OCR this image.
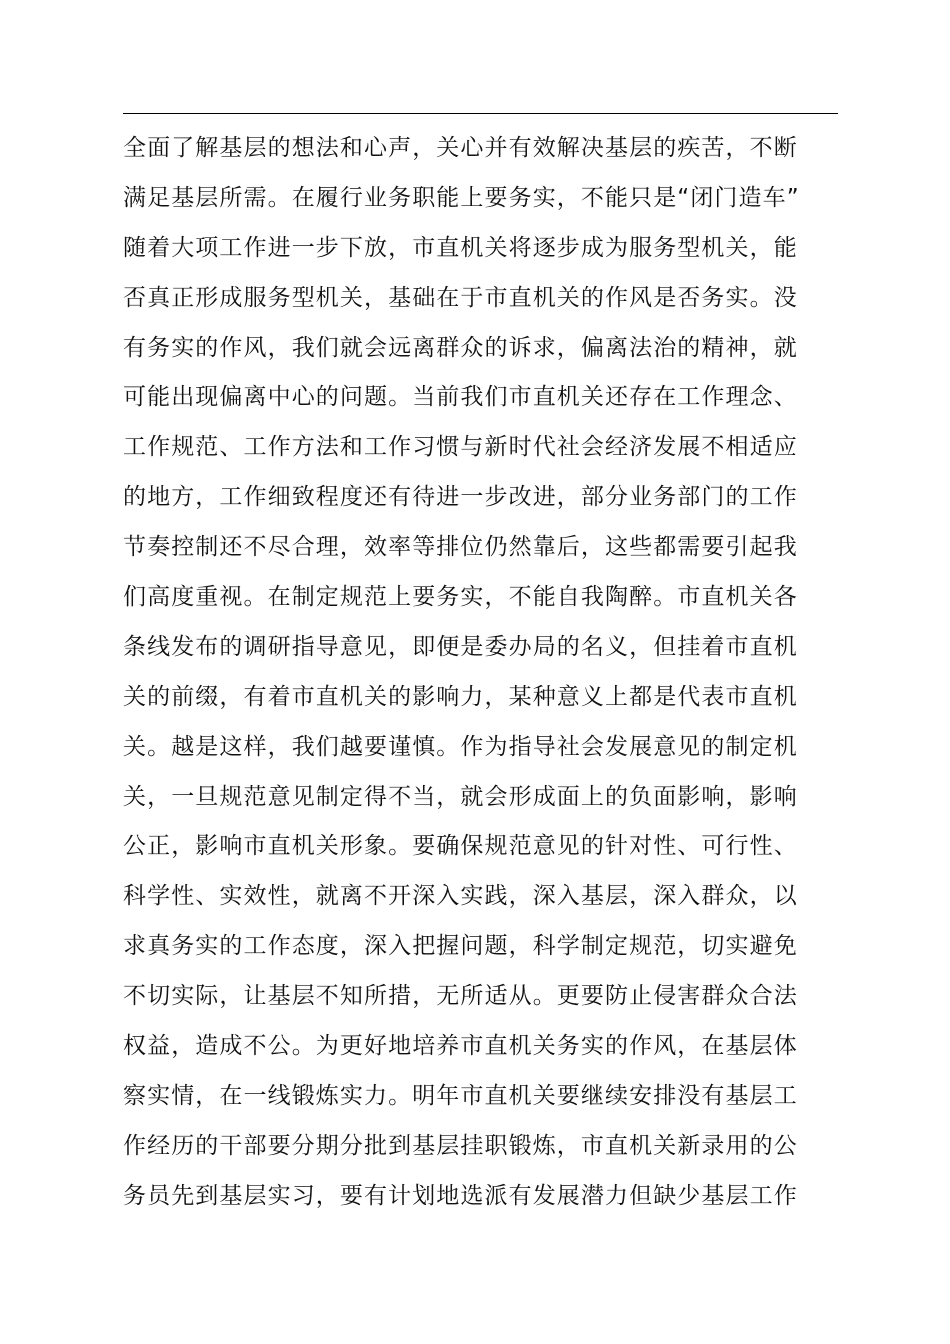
全面了解基层的想法和心声，关心并有效解决基层的疾苦，不断
满足基层所需。在履行业务职能上要务实，不能只是“闭门造车”
随着大项工作进一步下放，市直机关将逐步成为服务型机关，能
否真正形成服务型机关，基础在于市直机关的作风是否务实。没
有务实的作风，我们就会远离群众的诉求，偏离法治的精神，就
可能出现偏离中心的问题。当前我们市直机关还存在工作理念、
工作规范、工作方法和工作习惯与新时代社会经济发展不相适应
的地方，工作细致程度还有待进一步改进，部分业务部门的工作
节奏控制还不尽合理，效率等排位仍然靠后，这些都需要引起我
们高度重视。在制定规范上要务实，不能自我陶醉。市直机关各
条线发布的调研指导意见，即便是委办局的名义，但挂着市直机
关的前缀，有着市直机关的影响力，某种意义上都是代表市直机
关。越是这样，我们越要谨慎。作为指导社会发展意见的制定机
关，一旦规范意见制定得不当，就会形成面上的负面影响，影响
公正，影响市直机关形象。要确保规范意见的针对性、可行性、
科学性、实效性，就离不开深入实践，深入基层，深入群众，以
求真务实的工作态度，深入把握问题，科学制定规范，切实避免
不切实际，让基层不知所措，无所适从。更要防止侵害群众合法
权益，造成不公。为更好地培养市直机关务实的作风，在基层体
察实情，在一线锻炼实力。明年市直机关要继续安排没有基层工
作经历的干部要分期分批到基层挂职锻炼，市直机关新录用的公
务员先到基层实习，要有计划地选派有发展潜力但缺少基层工作
